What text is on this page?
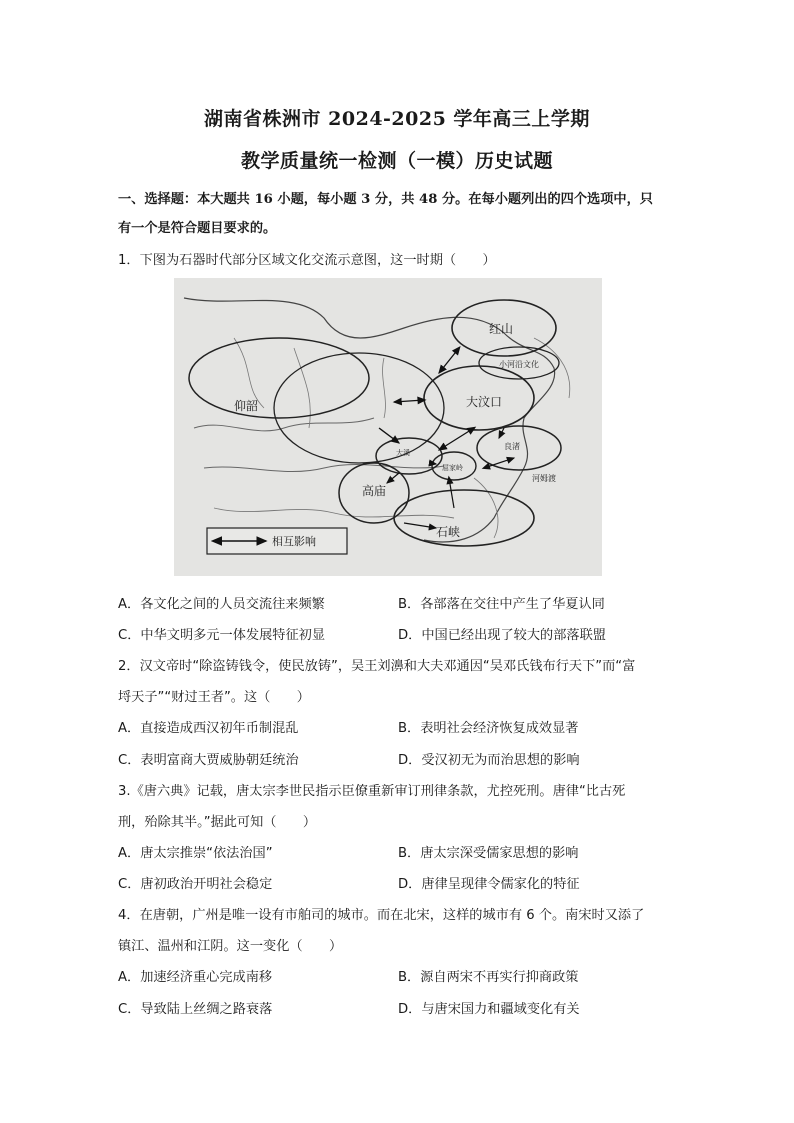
湖南省株洲市 2024-2025 学年高三上学期
教学质量统一检测（一模）历史试题
一、选择题：本大题共 16 小题，每小题 3 分，共 48 分。在每小题列出的四个选项中，只
有一个是符合题目要求的。
1．下图为石器时代部分区域文化交流示意图，这一时期（　　）
红山
小河沿文化
仰韶	大汶口
良渚
河姆渡
大溪
屈家岭
高庙
石峡
相互影响
A．各文化之间的人员交流往来频繁	B．各部落在交往中产生了华夏认同
C．中华文明多元一体发展特征初显	D．中国已经出现了较大的部落联盟
2．汉文帝时“除盗铸钱令，使民放铸”，吴王刘濞和大夫邓通因“吴邓氏钱布行天下”而“富
埒天子”“财过王者”。这（　　）
A．直接造成西汉初年币制混乱	B．表明社会经济恢复成效显著
C．表明富商大贾威胁朝廷统治	D．受汉初无为而治思想的影响
3.《唐六典》记载，唐太宗李世民指示臣僚重新审订刑律条款，尤控死刑。唐律“比古死
刑，殆除其半。”据此可知（　　）
A．唐太宗推崇“依法治国”	B．唐太宗深受儒家思想的影响
C．唐初政治开明社会稳定	D．唐律呈现律令儒家化的特征
4．在唐朝，广州是唯一设有市舶司的城市。而在北宋，这样的城市有 6 个。南宋时又添了
镇江、温州和江阴。这一变化（　　）
A．加速经济重心完成南移	B．源自两宋不再实行抑商政策
C．导致陆上丝绸之路衰落	D．与唐宋国力和疆域变化有关
